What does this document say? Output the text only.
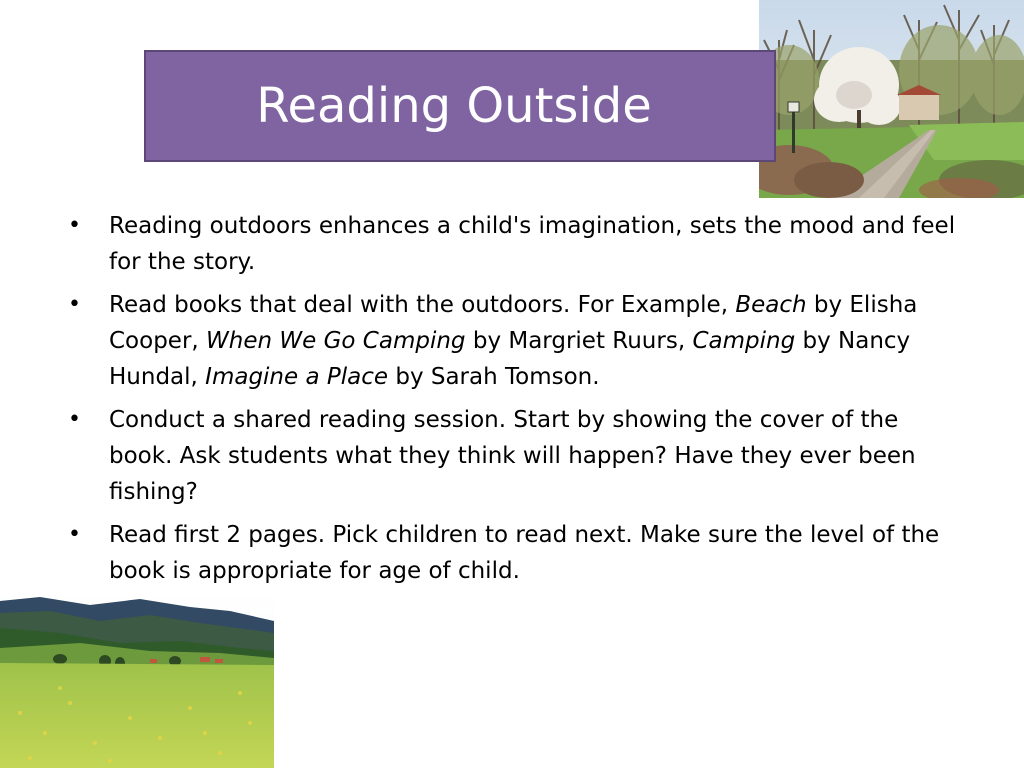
Reading Outside
• Reading outdoors enhances a child's imagination, sets the mood and feel for the story.
• Read books that deal with the outdoors. For Example, Beach by Elisha Cooper, When We Go Camping by Margriet Ruurs, Camping by Nancy Hundal, Imagine a Place by Sarah Tomson.
• Conduct a shared reading session. Start by showing the cover of the book. Ask students what they think will happen? Have they ever been fishing?
• Read first 2 pages. Pick children to read next. Make sure the level of the book is appropriate for age of child.
